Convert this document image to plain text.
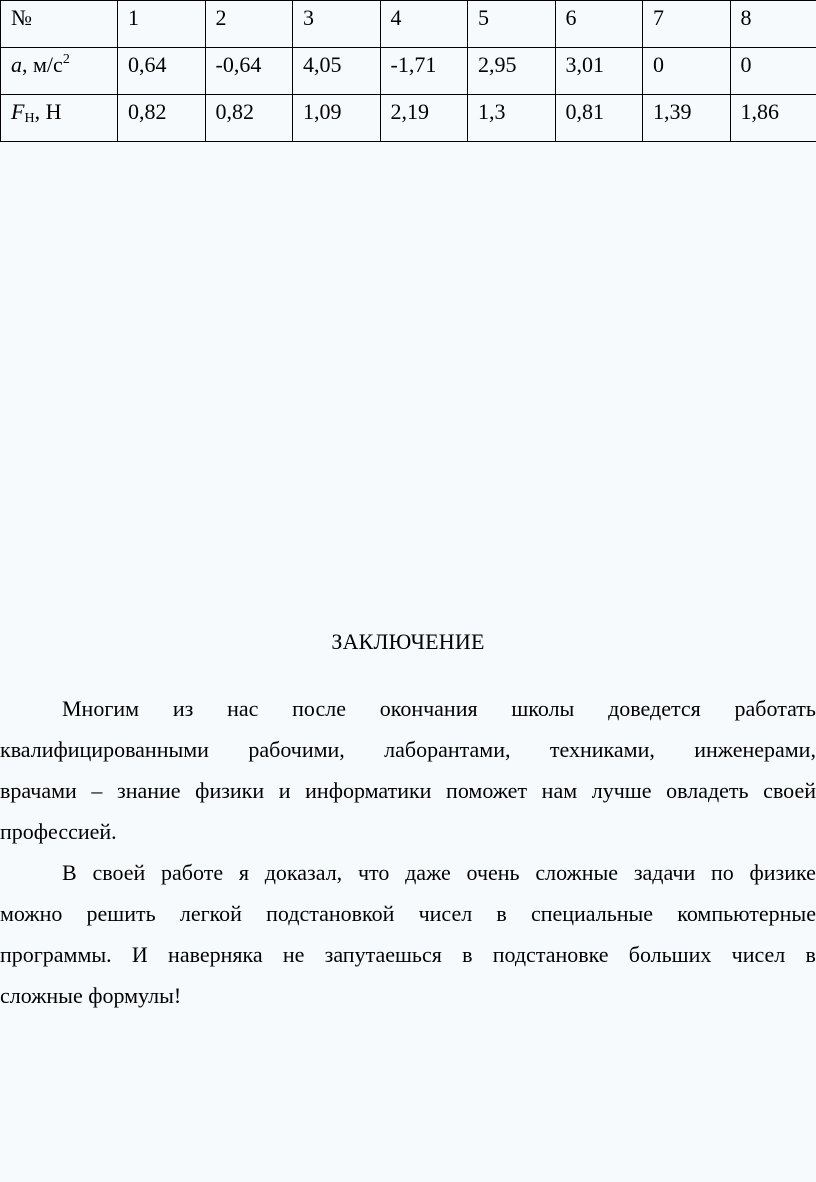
№	1	2	3	4	5	6	7	8
a, $м/с^2$	0,64	-0,64	4,05	-1,71	2,95	3,01	0	0
$F_Н$, Н	0,82	0,82	1,09	2,19	1,3	0,81	1,39	1,86
ЗАКЛЮЧЕНИЕ
Многим из нас после окончания школы доведется работать
квалифицированными рабочими, лаборантами, техниками, инженерами,
врачами – знание физики и информатики поможет нам лучше овладеть своей
профессией.
В своей работе я доказал, что даже очень сложные задачи по физике
можно решить легкой подстановкой чисел в специальные компьютерные
программы. И наверняка не запутаешься в подстановке больших чисел в
сложные формулы!
